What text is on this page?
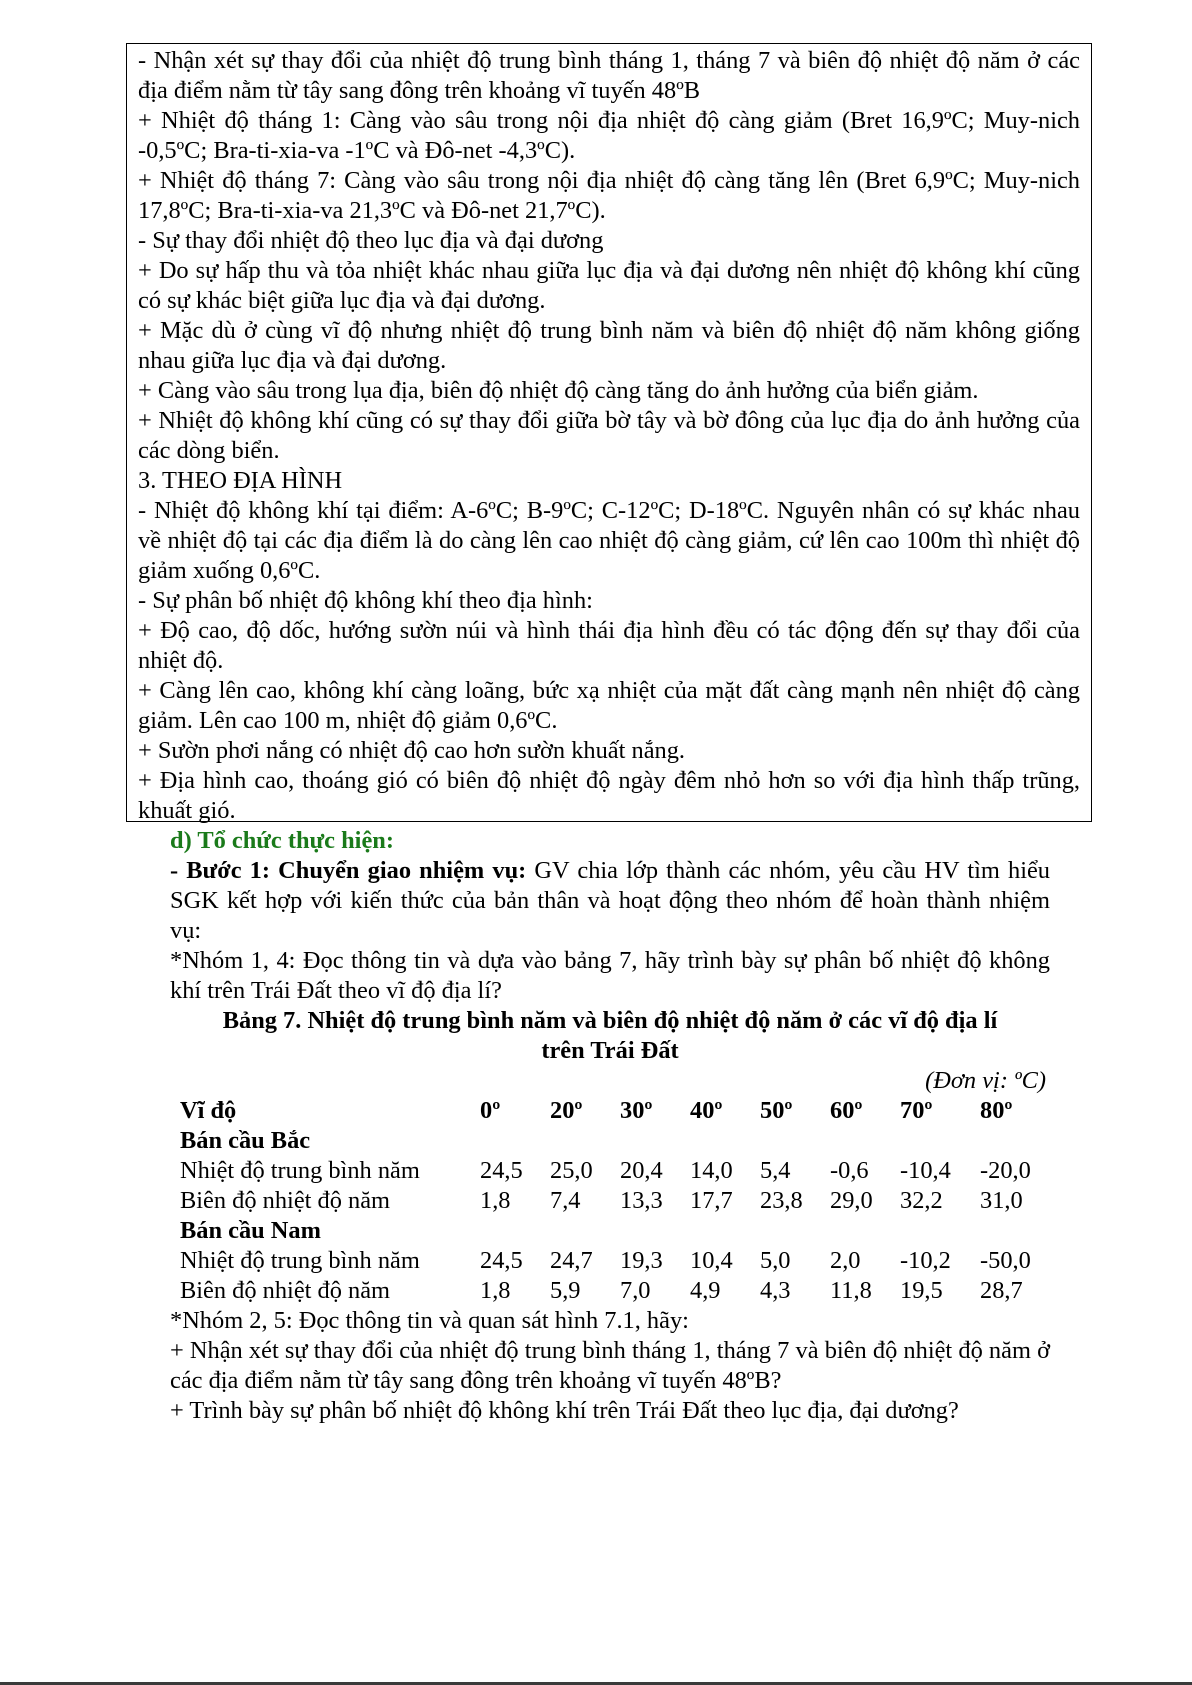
- Nhận xét sự thay đổi của nhiệt độ trung bình tháng 1, tháng 7 và biên độ nhiệt độ năm ở các địa điểm nằm từ tây sang đông trên khoảng vĩ tuyến 48ºB

+ Nhiệt độ tháng 1: Càng vào sâu trong nội địa nhiệt độ càng giảm (Bret 16,9ºC; Muy-nich -0,5ºC; Bra-ti-xia-va -1ºC và Đô-net -4,3ºC).

+ Nhiệt độ tháng 7: Càng vào sâu trong nội địa nhiệt độ càng tăng lên (Bret 6,9ºC; Muy-nich 17,8ºC; Bra-ti-xia-va 21,3ºC và Đô-net 21,7ºC).

- Sự thay đổi nhiệt độ theo lục địa và đại dương

+ Do sự hấp thu và tỏa nhiệt khác nhau giữa lục địa và đại dương nên nhiệt độ không khí cũng có sự khác biệt giữa lục địa và đại dương.

+ Mặc dù ở cùng vĩ độ nhưng nhiệt độ trung bình năm và biên độ nhiệt độ năm không giống nhau giữa lục địa và đại dương.

+ Càng vào sâu trong lụa địa, biên độ nhiệt độ càng tăng do ảnh hưởng của biển giảm.

+ Nhiệt độ không khí cũng có sự thay đổi giữa bờ tây và bờ đông của lục địa do ảnh hưởng của các dòng biển.

3. THEO ĐỊA HÌNH

- Nhiệt độ không khí tại điểm: A-6ºC; B-9ºC; C-12ºC; D-18ºC. Nguyên nhân có sự khác nhau về nhiệt độ tại các địa điểm là do càng lên cao nhiệt độ càng giảm, cứ lên cao 100m thì nhiệt độ giảm xuống 0,6ºC.

- Sự phân bố nhiệt độ không khí theo địa hình:

+ Độ cao, độ dốc, hướng sườn núi và hình thái địa hình đều có tác động đến sự thay đổi của nhiệt độ.

+ Càng lên cao, không khí càng loãng, bức xạ nhiệt của mặt đất càng mạnh nên nhiệt độ càng giảm. Lên cao 100 m, nhiệt độ giảm 0,6ºC.

+ Sườn phơi nắng có nhiệt độ cao hơn sườn khuất nắng.

+ Địa hình cao, thoáng gió có biên độ nhiệt độ ngày đêm nhỏ hơn so với địa hình thấp trũng, khuất gió.

d) Tổ chức thực hiện:

- Bước 1: Chuyển giao nhiệm vụ: GV chia lớp thành các nhóm, yêu cầu HV tìm hiểu SGK kết hợp với kiến thức của bản thân và hoạt động theo nhóm để hoàn thành nhiệm vụ:

*Nhóm 1, 4: Đọc thông tin và dựa vào bảng 7, hãy trình bày sự phân bố nhiệt độ không khí trên Trái Đất theo vĩ độ địa lí?

Bảng 7. Nhiệt độ trung bình năm và biên độ nhiệt độ năm ở các vĩ độ địa lí

trên Trái Đất

(Đơn vị: ºC)

Vĩ độ	0º	20º	30º	40º	50º	60º	70º	80º
Bán cầu Bắc								
Nhiệt độ trung bình năm	24,5	25,0	20,4	14,0	5,4	-0,6	-10,4	-20,0
Biên độ nhiệt độ năm	1,8	7,4	13,3	17,7	23,8	29,0	32,2	31,0
Bán cầu Nam								
Nhiệt độ trung bình năm	24,5	24,7	19,3	10,4	5,0	2,0	-10,2	-50,0
Biên độ nhiệt độ năm	1,8	5,9	7,0	4,9	4,3	11,8	19,5	28,7

*Nhóm 2, 5: Đọc thông tin và quan sát hình 7.1, hãy:

+ Nhận xét sự thay đổi của nhiệt độ trung bình tháng 1, tháng 7 và biên độ nhiệt độ năm ở các địa điểm nằm từ tây sang đông trên khoảng vĩ tuyến 48ºB?

+ Trình bày sự phân bố nhiệt độ không khí trên Trái Đất theo lục địa, đại dương?
